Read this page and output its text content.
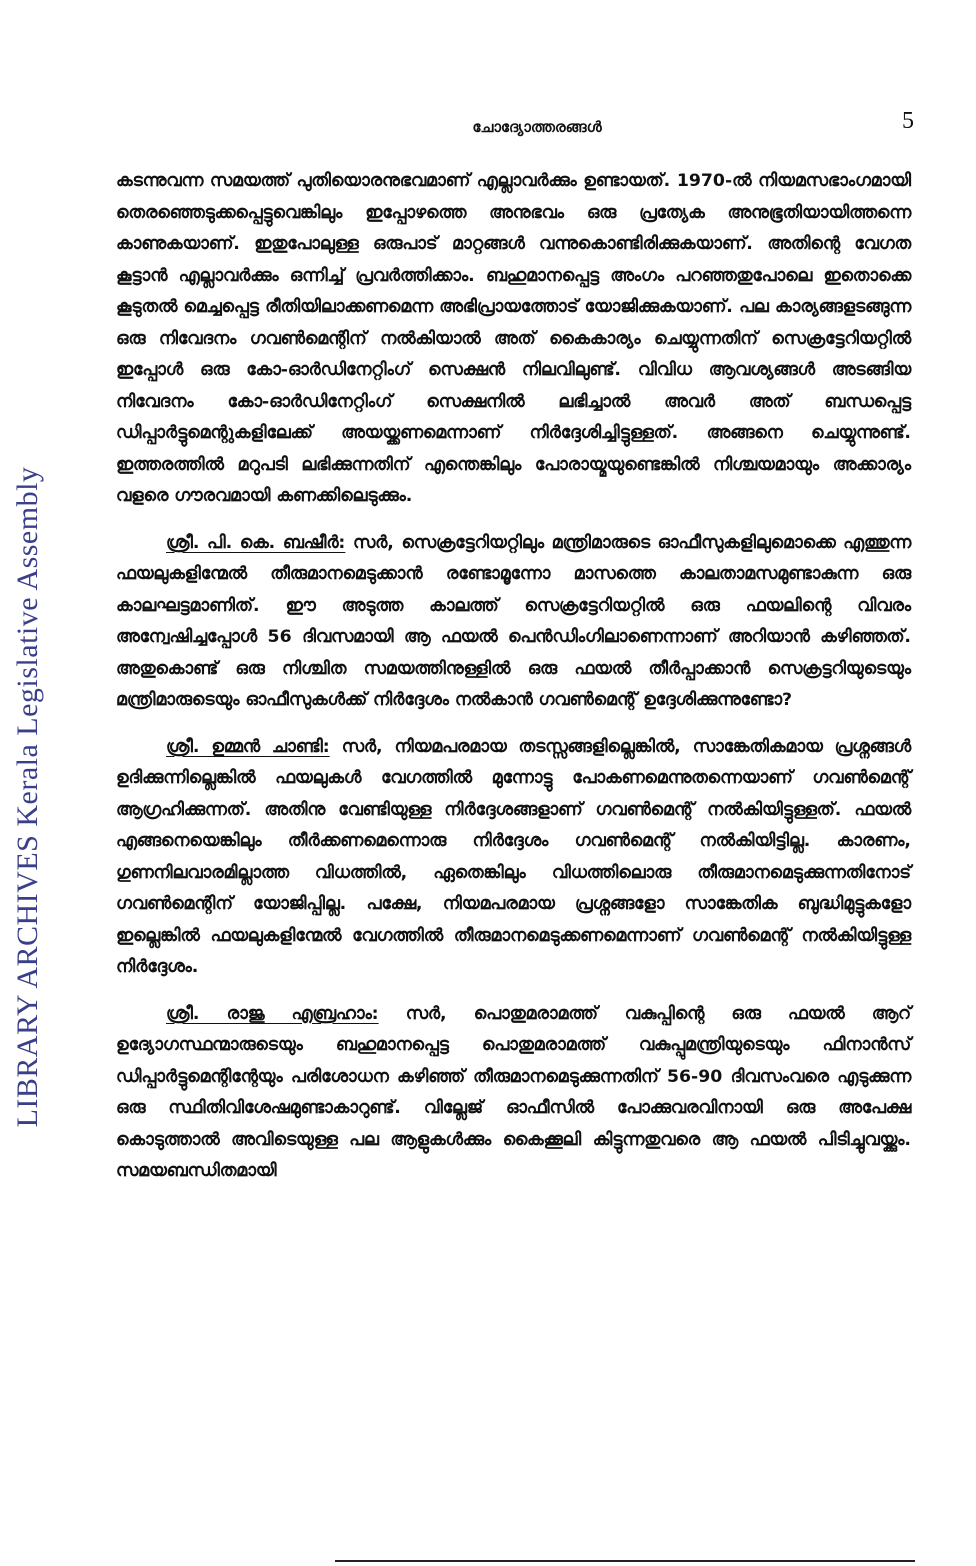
LIBRARY ARCHIVES Kerala Legislative Assembly
ചോദ്യോത്തരങ്ങൾ	5

കടന്നുവന്ന സമയത്ത് പുതിയൊരനുഭവമാണ് എല്ലാവർക്കും ഉണ്ടായത്. 1970-ൽ നിയമസഭാംഗമായി തെരഞ്ഞെടുക്കപ്പെട്ടുവെങ്കിലും ഇപ്പോഴത്തെ അനുഭവം ഒരു പ്രത്യേക അനുഭൂതിയായിത്തന്നെ കാണുകയാണ്. ഇതുപോലുള്ള ഒരുപാട് മാറ്റങ്ങൾ വന്നുകൊണ്ടിരിക്കുകയാണ്. അതിന്റെ വേഗത കൂട്ടാൻ എല്ലാവർക്കും ഒന്നിച്ച് പ്രവർത്തിക്കാം. ബഹുമാനപ്പെട്ട അംഗം പറഞ്ഞതുപോലെ ഇതൊക്കെ കൂടുതൽ മെച്ചപ്പെട്ട രീതിയിലാക്കണമെന്ന അഭിപ്രായത്തോട് യോജിക്കുകയാണ്. പല കാര്യങ്ങളടങ്ങുന്ന ഒരു നിവേദനം ഗവൺമെന്റിന് നൽകിയാൽ അത് കൈകാര്യം ചെയ്യുന്നതിന് സെക്രട്ടേറിയറ്റിൽ ഇപ്പോൾ ഒരു കോ-ഓർഡിനേറ്റിംഗ് സെക്ഷൻ നിലവിലുണ്ട്. വിവിധ ആവശ്യങ്ങൾ അടങ്ങിയ നിവേദനം കോ-ഓർഡിനേറ്റിംഗ് സെക്ഷനിൽ ലഭിച്ചാൽ അവർ അത് ബന്ധപ്പെട്ട ഡിപ്പാർട്ടുമെന്റുകളിലേക്ക് അയയ്ക്കണമെന്നാണ് നിർദ്ദേശിച്ചിട്ടുള്ളത്. അങ്ങനെ ചെയ്യുന്നുണ്ട്. ഇത്തരത്തിൽ മറുപടി ലഭിക്കുന്നതിന് എന്തെങ്കിലും പോരായ്മയുണ്ടെങ്കിൽ നിശ്ചയമായും അക്കാര്യം വളരെ ഗൗരവമായി കണക്കിലെടുക്കും.

ശ്രീ. പി. കെ. ബഷീർ: സർ, സെക്രട്ടേറിയറ്റിലും മന്ത്രിമാരുടെ ഓഫീസുകളിലുമൊക്കെ എത്തുന്ന ഫയലുകളിന്മേൽ തീരുമാനമെടുക്കാൻ രണ്ടോമൂന്നോ മാസത്തെ കാലതാമസമുണ്ടാകുന്ന ഒരു കാലഘട്ടമാണിത്. ഈ അടുത്ത കാലത്ത് സെക്രട്ടേറിയറ്റിൽ ഒരു ഫയലിന്റെ വിവരം അന്വേഷിച്ചപ്പോൾ 56 ദിവസമായി ആ ഫയൽ പെൻഡിംഗിലാണെന്നാണ് അറിയാൻ കഴിഞ്ഞത്. അതുകൊണ്ട് ഒരു നിശ്ചിത സമയത്തിനുള്ളിൽ ഒരു ഫയൽ തീർപ്പാക്കാൻ സെക്രട്ടറിയുടെയും മന്ത്രിമാരുടെയും ഓഫീസുകൾക്ക് നിർദ്ദേശം നൽകാൻ ഗവൺമെന്റ് ഉദ്ദേശിക്കുന്നുണ്ടോ?

ശ്രീ. ഉമ്മൻ ചാണ്ടി: സർ, നിയമപരമായ തടസ്സങ്ങളില്ലെങ്കിൽ, സാങ്കേതികമായ പ്രശ്നങ്ങൾ ഉദിക്കുന്നില്ലെങ്കിൽ ഫയലുകൾ വേഗത്തിൽ മുന്നോട്ടു പോകണമെന്നുതന്നെയാണ് ഗവൺമെന്റ് ആഗ്രഹിക്കുന്നത്. അതിനു വേണ്ടിയുള്ള നിർദ്ദേശങ്ങളാണ് ഗവൺമെന്റ് നൽകിയിട്ടുള്ളത്. ഫയൽ എങ്ങനെയെങ്കിലും തീർക്കണമെന്നൊരു നിർദ്ദേശം ഗവൺമെന്റ് നൽകിയിട്ടില്ല. കാരണം, ഗുണനിലവാരമില്ലാത്ത വിധത്തിൽ, ഏതെങ്കിലും വിധത്തിലൊരു തീരുമാനമെടുക്കുന്നതിനോട് ഗവൺമെന്റിന് യോജിപ്പില്ല. പക്ഷേ, നിയമപരമായ പ്രശ്നങ്ങളോ സാങ്കേതിക ബുദ്ധിമുട്ടുകളോ ഇല്ലെങ്കിൽ ഫയലുകളിന്മേൽ വേഗത്തിൽ തീരുമാനമെടുക്കണമെന്നാണ് ഗവൺമെന്റ് നൽകിയിട്ടുള്ള നിർദ്ദേശം.

ശ്രീ. രാജു എബ്രഹാം: സർ, പൊതുമരാമത്ത് വകുപ്പിന്റെ ഒരു ഫയൽ ആറ് ഉദ്യോഗസ്ഥന്മാരുടെയും ബഹുമാനപ്പെട്ട പൊതുമരാമത്ത് വകുപ്പുമന്ത്രിയുടെയും ഫിനാൻസ് ഡിപ്പാർട്ടുമെന്റിന്റേയും പരിശോധന കഴിഞ്ഞ് തീരുമാനമെടുക്കുന്നതിന് 56-90 ദിവസംവരെ എടുക്കുന്ന ഒരു സ്ഥിതിവിശേഷമുണ്ടാകാറുണ്ട്. വില്ലേജ് ഓഫീസിൽ പോക്കുവരവിനായി ഒരു അപേക്ഷ കൊടുത്താൽ അവിടെയുള്ള പല ആളുകൾക്കും കൈക്കൂലി കിട്ടുന്നതുവരെ ആ ഫയൽ പിടിച്ചുവയ്ക്കും. സമയബന്ധിതമായി
